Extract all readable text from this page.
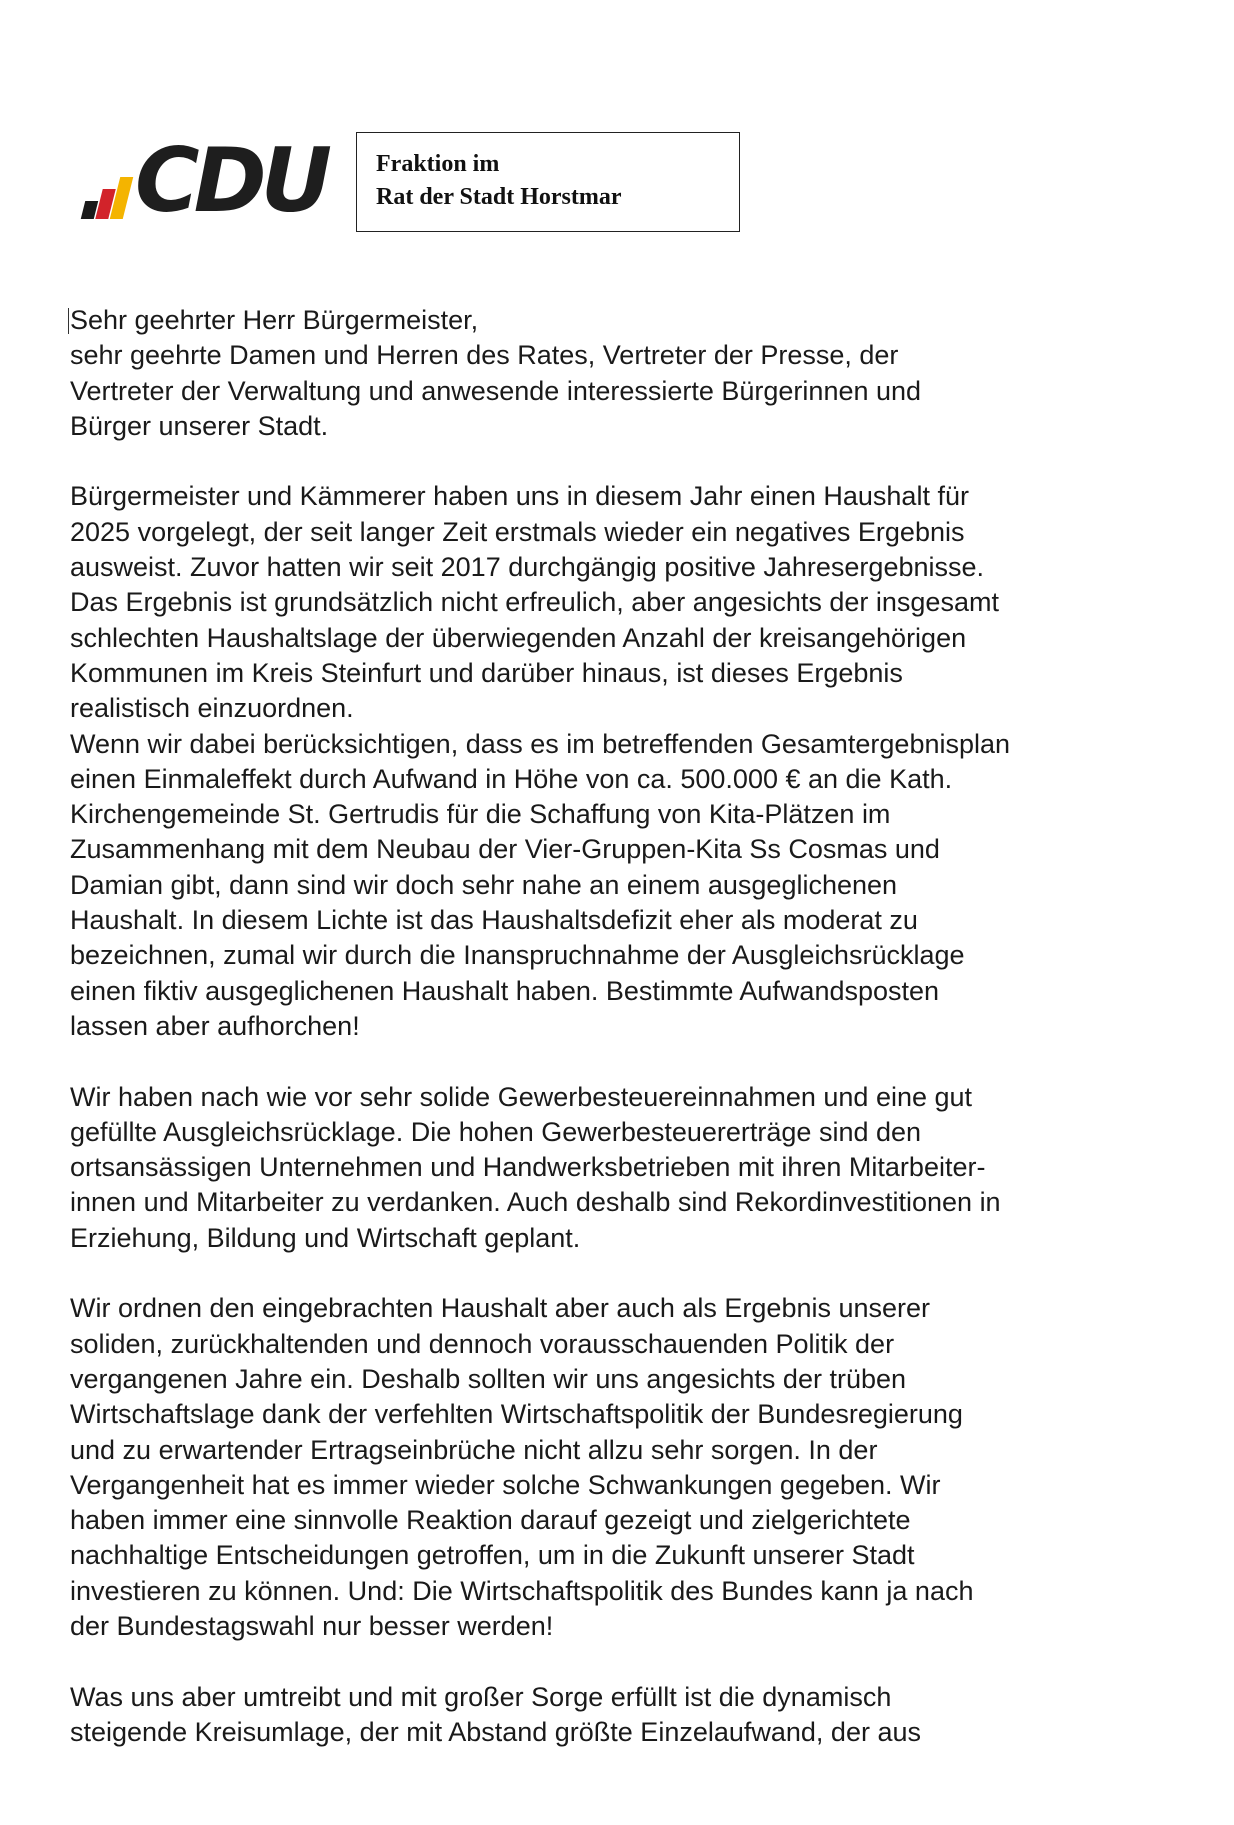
CDU Fraktion im
Rat der Stadt Horstmar
Sehr geehrter Herr Bürgermeister,
sehr geehrte Damen und Herren des Rates, Vertreter der Presse, der
Vertreter der Verwaltung und anwesende interessierte Bürgerinnen und
Bürger unserer Stadt.
Bürgermeister und Kämmerer haben uns in diesem Jahr einen Haushalt für
2025 vorgelegt, der seit langer Zeit erstmals wieder ein negatives Ergebnis
ausweist. Zuvor hatten wir seit 2017 durchgängig positive Jahresergebnisse.
Das Ergebnis ist grundsätzlich nicht erfreulich, aber angesichts der insgesamt
schlechten Haushaltslage der überwiegenden Anzahl der kreisangehörigen
Kommunen im Kreis Steinfurt und darüber hinaus, ist dieses Ergebnis
realistisch einzuordnen.
Wenn wir dabei berücksichtigen, dass es im betreffenden Gesamtergebnisplan
einen Einmaleffekt durch Aufwand in Höhe von ca. 500.000 € an die Kath.
Kirchengemeinde St. Gertrudis für die Schaffung von Kita-Plätzen im
Zusammenhang mit dem Neubau der Vier-Gruppen-Kita Ss Cosmas und
Damian gibt, dann sind wir doch sehr nahe an einem ausgeglichenen
Haushalt. In diesem Lichte ist das Haushaltsdefizit eher als moderat zu
bezeichnen, zumal wir durch die Inanspruchnahme der Ausgleichsrücklage
einen fiktiv ausgeglichenen Haushalt haben. Bestimmte Aufwandsposten
lassen aber aufhorchen!
Wir haben nach wie vor sehr solide Gewerbesteuereinnahmen und eine gut
gefüllte Ausgleichsrücklage. Die hohen Gewerbesteuererträge sind den
ortsansässigen Unternehmen und Handwerksbetrieben mit ihren Mitarbeiter-
innen und Mitarbeiter zu verdanken. Auch deshalb sind Rekordinvestitionen in
Erziehung, Bildung und Wirtschaft geplant.
Wir ordnen den eingebrachten Haushalt aber auch als Ergebnis unserer
soliden, zurückhaltenden und dennoch vorausschauenden Politik der
vergangenen Jahre ein. Deshalb sollten wir uns angesichts der trüben
Wirtschaftslage dank der verfehlten Wirtschaftspolitik der Bundesregierung
und zu erwartender Ertragseinbrüche nicht allzu sehr sorgen. In der
Vergangenheit hat es immer wieder solche Schwankungen gegeben. Wir
haben immer eine sinnvolle Reaktion darauf gezeigt und zielgerichtete
nachhaltige Entscheidungen getroffen, um in die Zukunft unserer Stadt
investieren zu können. Und: Die Wirtschaftspolitik des Bundes kann ja nach
der Bundestagswahl nur besser werden!
Was uns aber umtreibt und mit großer Sorge erfüllt ist die dynamisch
steigende Kreisumlage, der mit Abstand größte Einzelaufwand, der aus
